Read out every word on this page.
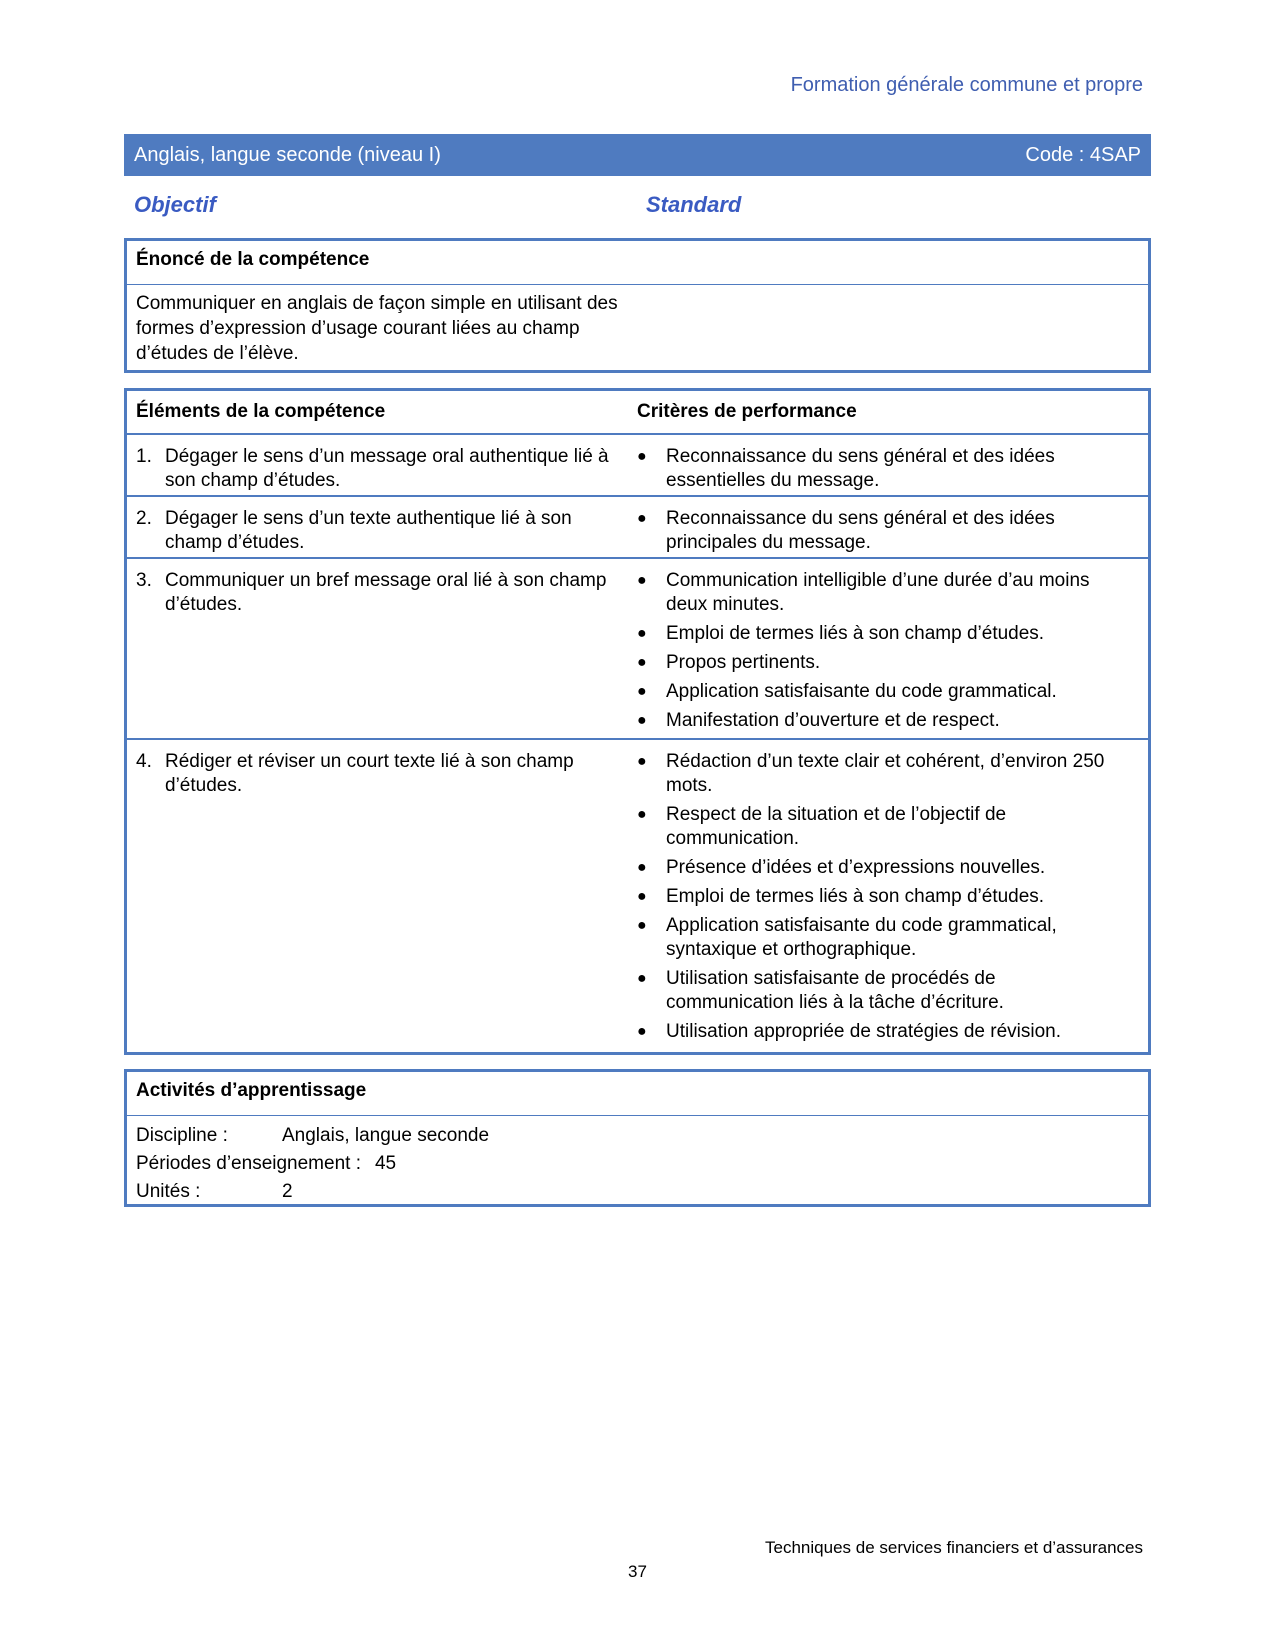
Formation générale commune et propre
Anglais, langue seconde (niveau I)	Code : 4SAP
Objectif	Standard
Énoncé de la compétence
Communiquer en anglais de façon simple en utilisant des formes d’expression d’usage courant liées au champ d’études de l’élève.
Éléments de la compétence	Critères de performance
1. Dégager le sens d’un message oral authentique lié à son champ d’études.
●	Reconnaissance du sens général et des idées essentielles du message.
2. Dégager le sens d’un texte authentique lié à son champ d’études.
●	Reconnaissance du sens général et des idées principales du message.
3. Communiquer un bref message oral lié à son champ d’études.
●	Communication intelligible d’une durée d’au moins deux minutes.
●	Emploi de termes liés à son champ d’études.
●	Propos pertinents.
●	Application satisfaisante du code grammatical.
●	Manifestation d’ouverture et de respect.
4. Rédiger et réviser un court texte lié à son champ d’études.
●	Rédaction d’un texte clair et cohérent, d’environ 250 mots.
●	Respect de la situation et de l’objectif de communication.
●	Présence d’idées et d’expressions nouvelles.
●	Emploi de termes liés à son champ d’études.
●	Application satisfaisante du code grammatical, syntaxique et orthographique.
●	Utilisation satisfaisante de procédés de communication liés à la tâche d’écriture.
●	Utilisation appropriée de stratégies de révision.
Activités d’apprentissage
Discipline :	Anglais, langue seconde
Périodes d’enseignement : 45
Unités :	2
Techniques de services financiers et d’assurances
37
